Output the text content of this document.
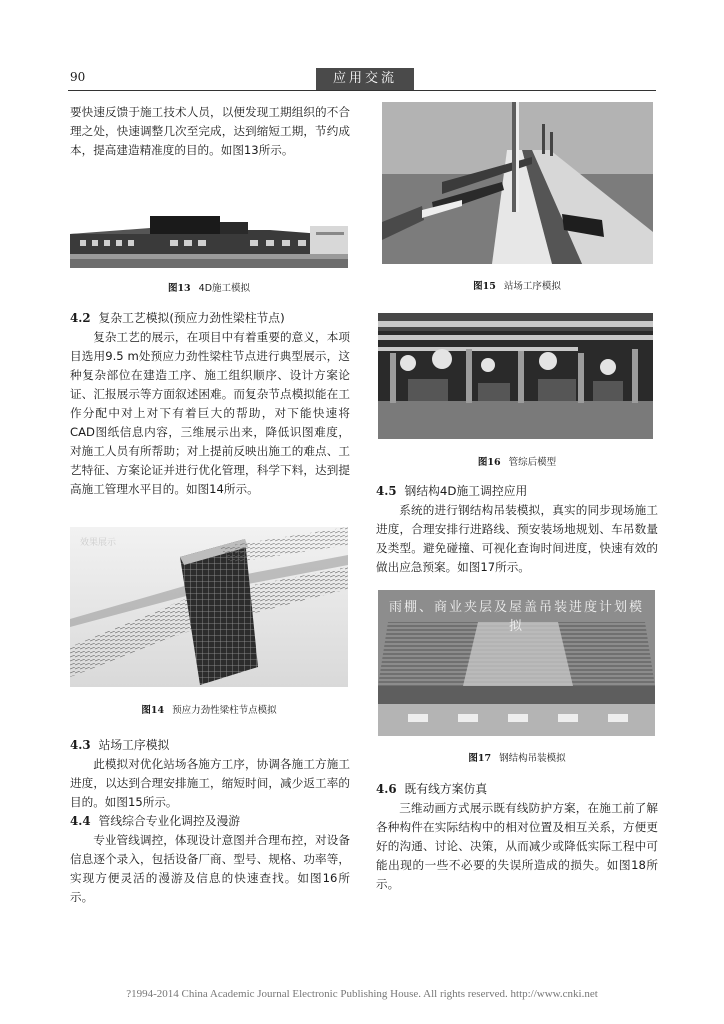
90	应用交流

要快速反馈于施工技术人员，以便发现工期组织的不合理之处，快速调整几次至完成，达到缩短工期，节约成本，提高建造精准度的目的。如图13所示。

图13 4D施工模拟

4.2 复杂工艺模拟(预应力劲性梁柱节点)

复杂工艺的展示，在项目中有着重要的意义，本项目选用9.5 m处预应力劲性梁柱节点进行典型展示，这种复杂部位在建造工序、施工组织顺序、设计方案论证、汇报展示等方面叙述困难。而复杂节点模拟能在工作分配中对上对下有着巨大的帮助，对下能快速将CAD图纸信息内容，三维展示出来，降低识图难度，对施工人员有所帮助；对上提前反映出施工的难点、工艺特征、方案论证并进行优化管理，科学下料，达到提高施工管理水平目的。如图14所示。

效果展示

图14 预应力劲性梁柱节点模拟

4.3 站场工序模拟

此模拟对优化站场各施方工序，协调各施工方施工进度，以达到合理安排施工，缩短时间，减少返工率的目的。如图15所示。

4.4 管线综合专业化调控及漫游

专业管线调控，体现设计意图并合理布控，对设备信息逐个录入，包括设备厂商、型号、规格、功率等，实现方便灵活的漫游及信息的快速查找。如图16所示。

图15 站场工序模拟

图16 管综后模型

4.5 钢结构4D施工调控应用

系统的进行钢结构吊装模拟，真实的同步现场施工进度，合理安排行进路线、预安装场地规划、车吊数量及类型。避免碰撞、可视化查询时间进度，快速有效的做出应急预案。如图17所示。

雨棚、商业夹层及屋盖吊装进度计划模拟

图17 钢结构吊装模拟

4.6 既有线方案仿真

三维动画方式展示既有线防护方案，在施工前了解各种构件在实际结构中的相对位置及相互关系，方便更好的沟通、讨论、决策，从而减少或降低实际工程中可能出现的一些不必要的失误所造成的损失。如图18所示。

?1994-2014 China Academic Journal Electronic Publishing House. All rights reserved. http://www.cnki.net
